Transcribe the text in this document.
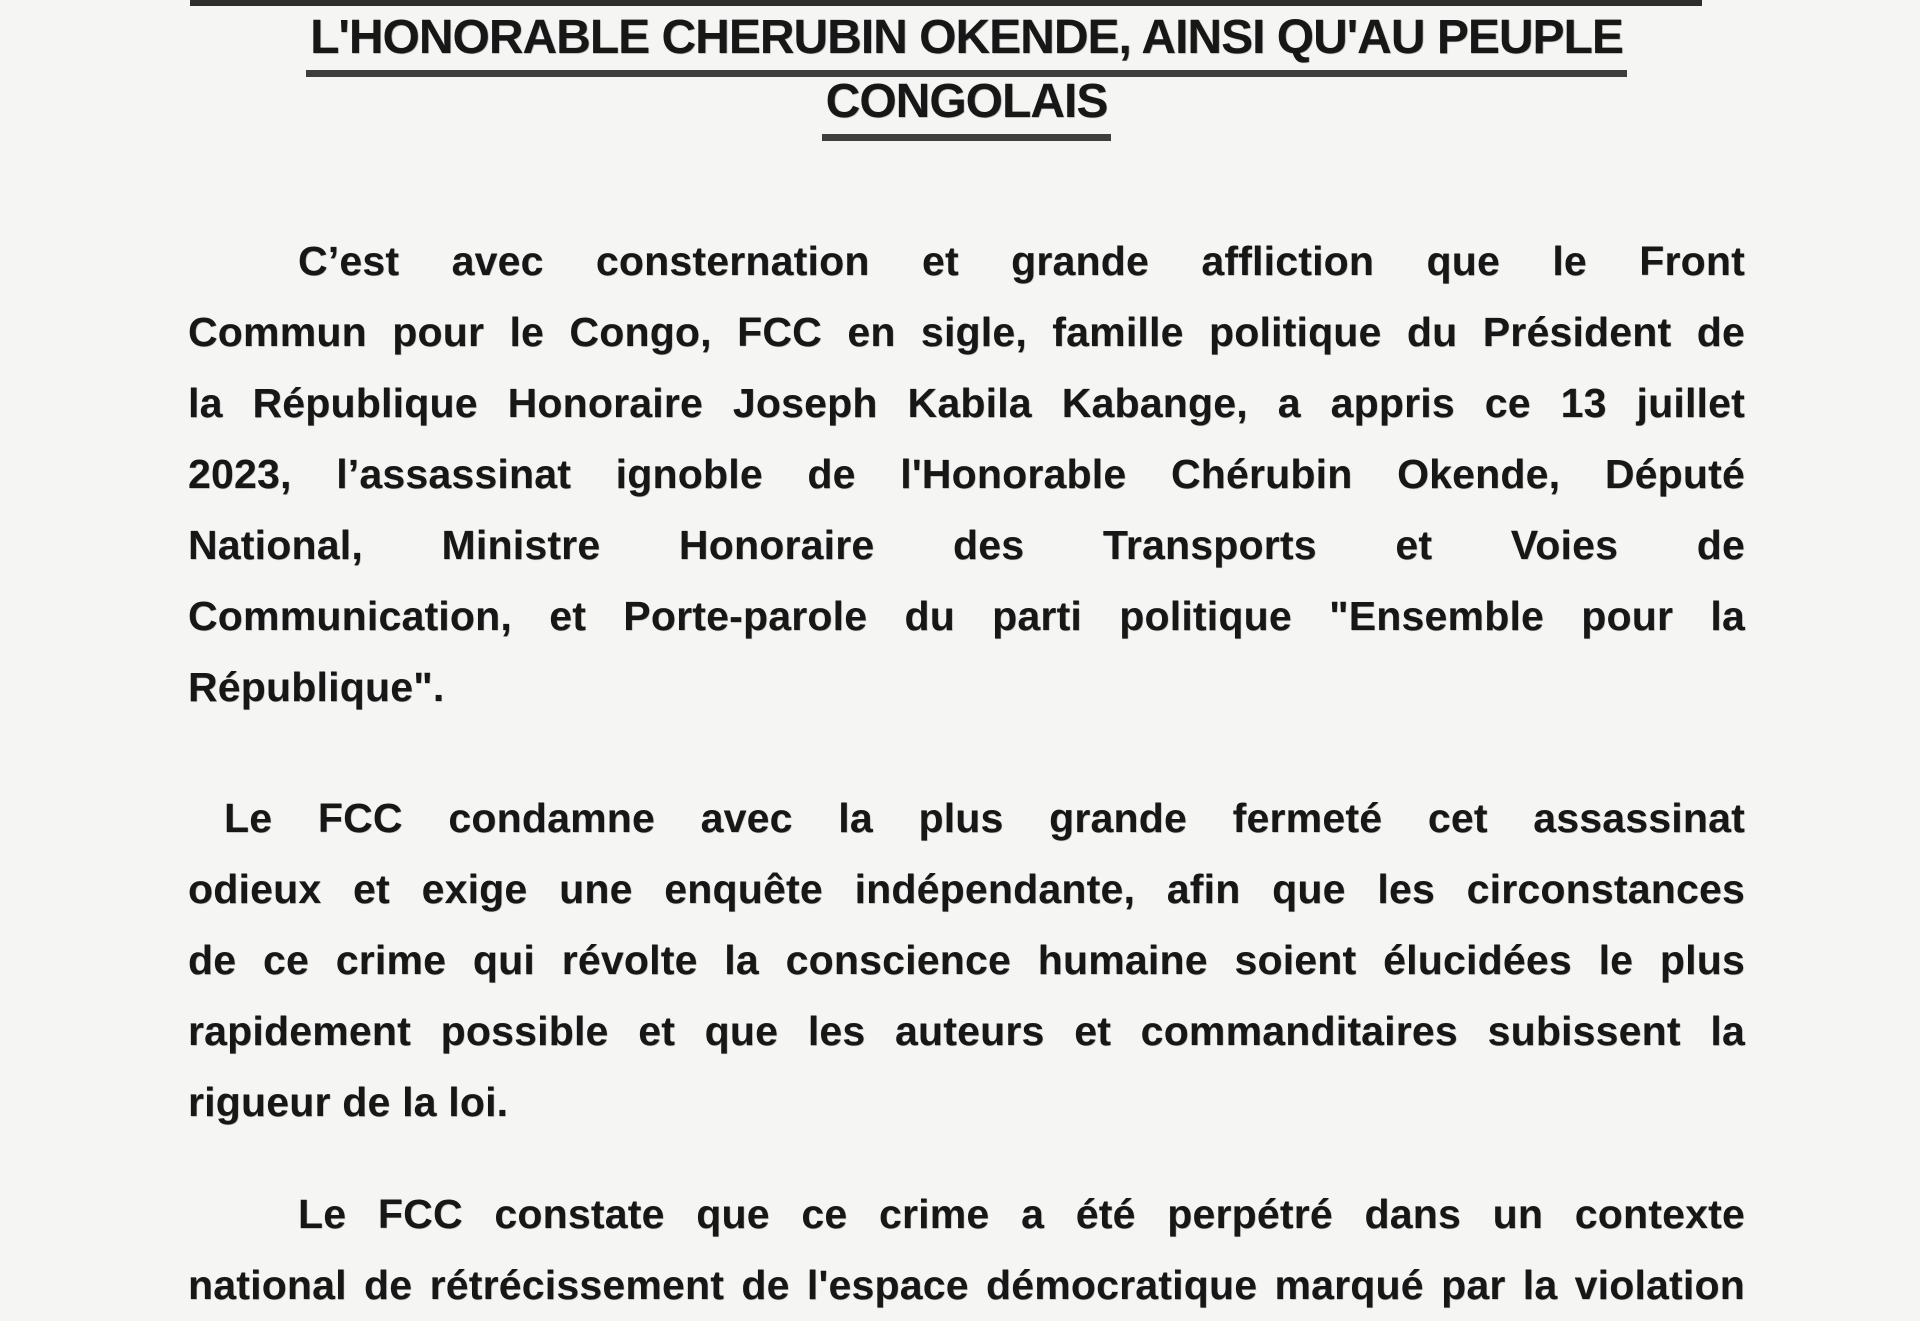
L'HONORABLE CHERUBIN OKENDE, AINSI QU'AU PEUPLE
CONGOLAIS
C’est avec consternation et grande affliction que le Front
Commun pour le Congo, FCC en sigle, famille politique du Président de
la République Honoraire Joseph Kabila Kabange, a appris ce 13 juillet
2023, l’assassinat ignoble de l'Honorable Chérubin Okende, Député
National, Ministre Honoraire des Transports et Voies de
Communication, et Porte-parole du parti politique "Ensemble pour la
République".
Le FCC condamne avec la plus grande fermeté cet assassinat
odieux et exige une enquête indépendante, afin que les circonstances
de ce crime qui révolte la conscience humaine soient élucidées le plus
rapidement possible et que les auteurs et commanditaires subissent la
rigueur de la loi.
Le FCC constate que ce crime a été perpétré dans un contexte
national de rétrécissement de l'espace démocratique marqué par la violation
